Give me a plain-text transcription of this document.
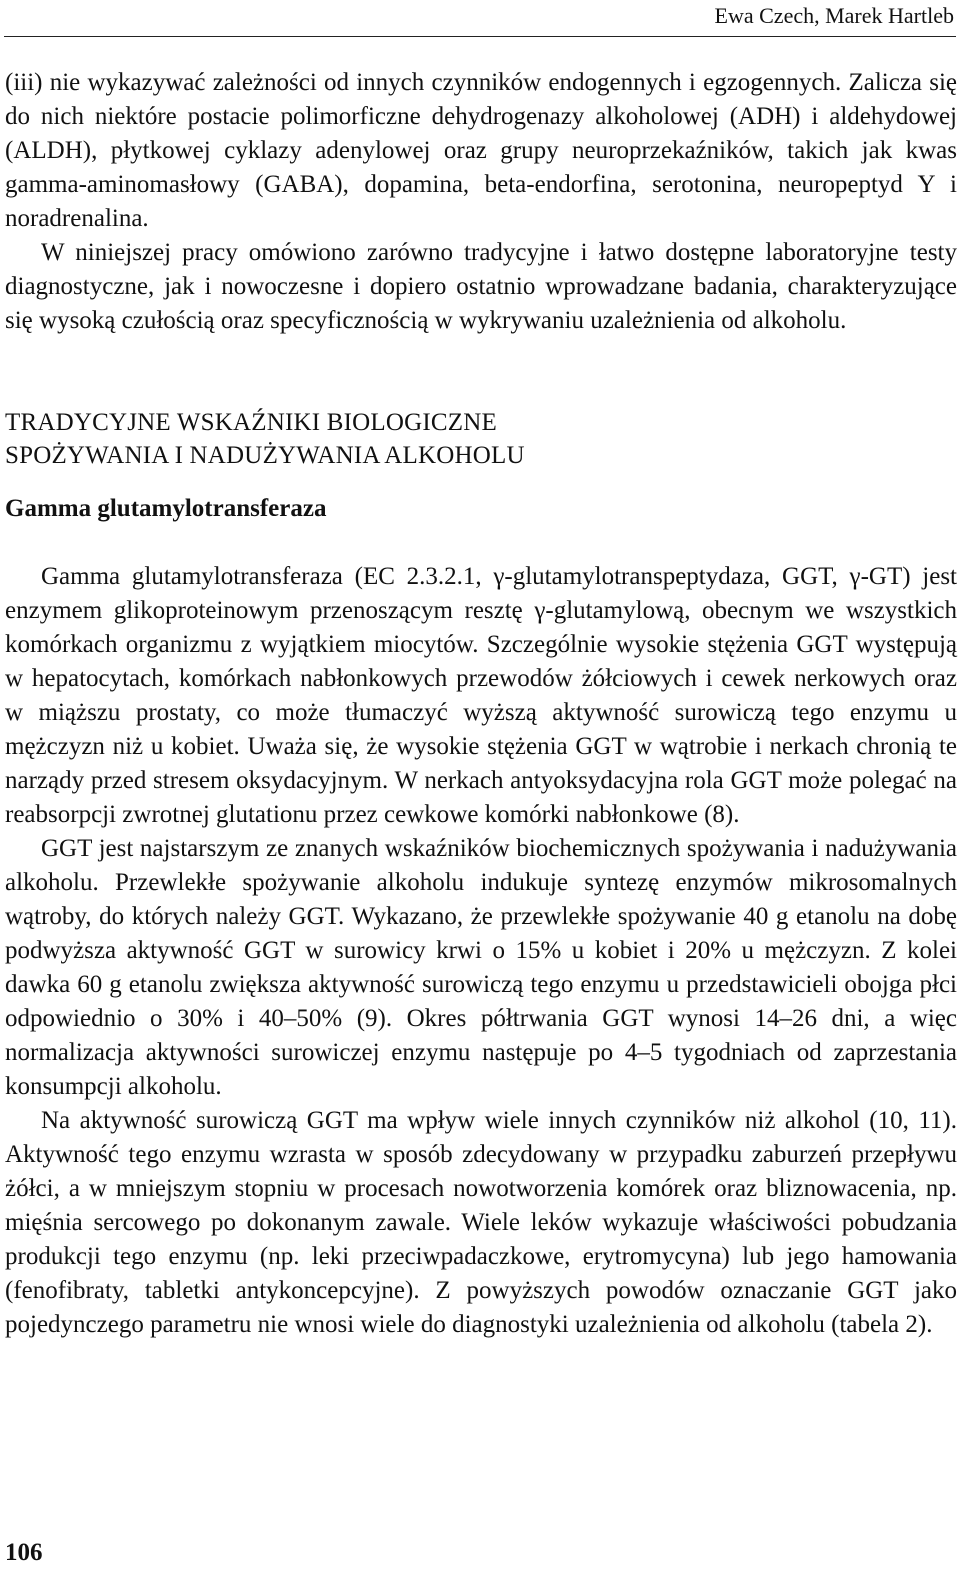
Ewa Czech, Marek Hartleb

(iii) nie wykazywać zależności od innych czynników endogennych i egzogennych. Zalicza się do nich niektóre postacie polimorficzne dehydrogenazy alkoholowej (ADH) i aldehydowej (ALDH), płytkowej cyklazy adenylowej oraz grupy neuroprzekaźników, takich jak kwas gamma-aminomasłowy (GABA), dopamina, beta-endorfina, serotonina, neuropeptyd Y i noradrenalina.

W niniejszej pracy omówiono zarówno tradycyjne i łatwo dostępne laboratoryjne testy diagnostyczne, jak i nowoczesne i dopiero ostatnio wprowadzane badania, charakteryzujące się wysoką czułością oraz specyficznością w wykrywaniu uzależnienia od alkoholu.

TRADYCYJNE WSKAŹNIKI BIOLOGICZNE
SPOŻYWANIA I NADUŻYWANIA ALKOHOLU
Gamma glutamylotransferaza

Gamma glutamylotransferaza (EC 2.3.2.1, γ-glutamylotranspeptydaza, GGT, γ-GT) jest enzymem glikoproteinowym przenoszącym resztę γ-glutamylową, obecnym we wszystkich komórkach organizmu z wyjątkiem miocytów. Szczególnie wysokie stężenia GGT występują w hepatocytach, komórkach nabłonkowych przewodów żółciowych i cewek nerkowych oraz w miąższu prostaty, co może tłumaczyć wyższą aktywność surowiczą tego enzymu u mężczyzn niż u kobiet. Uważa się, że wysokie stężenia GGT w wątrobie i nerkach chronią te narządy przed stresem oksydacyjnym. W nerkach antyoksydacyjna rola GGT może polegać na reabsorpcji zwrotnej glutationu przez cewkowe komórki nabłonkowe (8).

GGT jest najstarszym ze znanych wskaźników biochemicznych spożywania i nadużywania alkoholu. Przewlekłe spożywanie alkoholu indukuje syntezę enzymów mikrosomalnych wątroby, do których należy GGT. Wykazano, że przewlekłe spożywanie 40 g etanolu na dobę podwyższa aktywność GGT w surowicy krwi o 15% u kobiet i 20% u mężczyzn. Z kolei dawka 60 g etanolu zwiększa aktywność surowiczą tego enzymu u przedstawicieli obojga płci odpowiednio o 30% i 40–50% (9). Okres półtrwania GGT wynosi 14–26 dni, a więc normalizacja aktywności surowiczej enzymu następuje po 4–5 tygodniach od zaprzestania konsumpcji alkoholu.

Na aktywność surowiczą GGT ma wpływ wiele innych czynników niż alkohol (10, 11). Aktywność tego enzymu wzrasta w sposób zdecydowany w przypadku zaburzeń przepływu żółci, a w mniejszym stopniu w procesach nowotworzenia komórek oraz bliznowacenia, np. mięśnia sercowego po dokonanym zawale. Wiele leków wykazuje właściwości pobudzania produkcji tego enzymu (np. leki przeciwpadaczkowe, erytromycyna) lub jego hamowania (fenofibraty, tabletki antykoncepcyjne). Z powyższych powodów oznaczanie GGT jako pojedynczego parametru nie wnosi wiele do diagnostyki uzależnienia od alkoholu (tabela 2).

106
